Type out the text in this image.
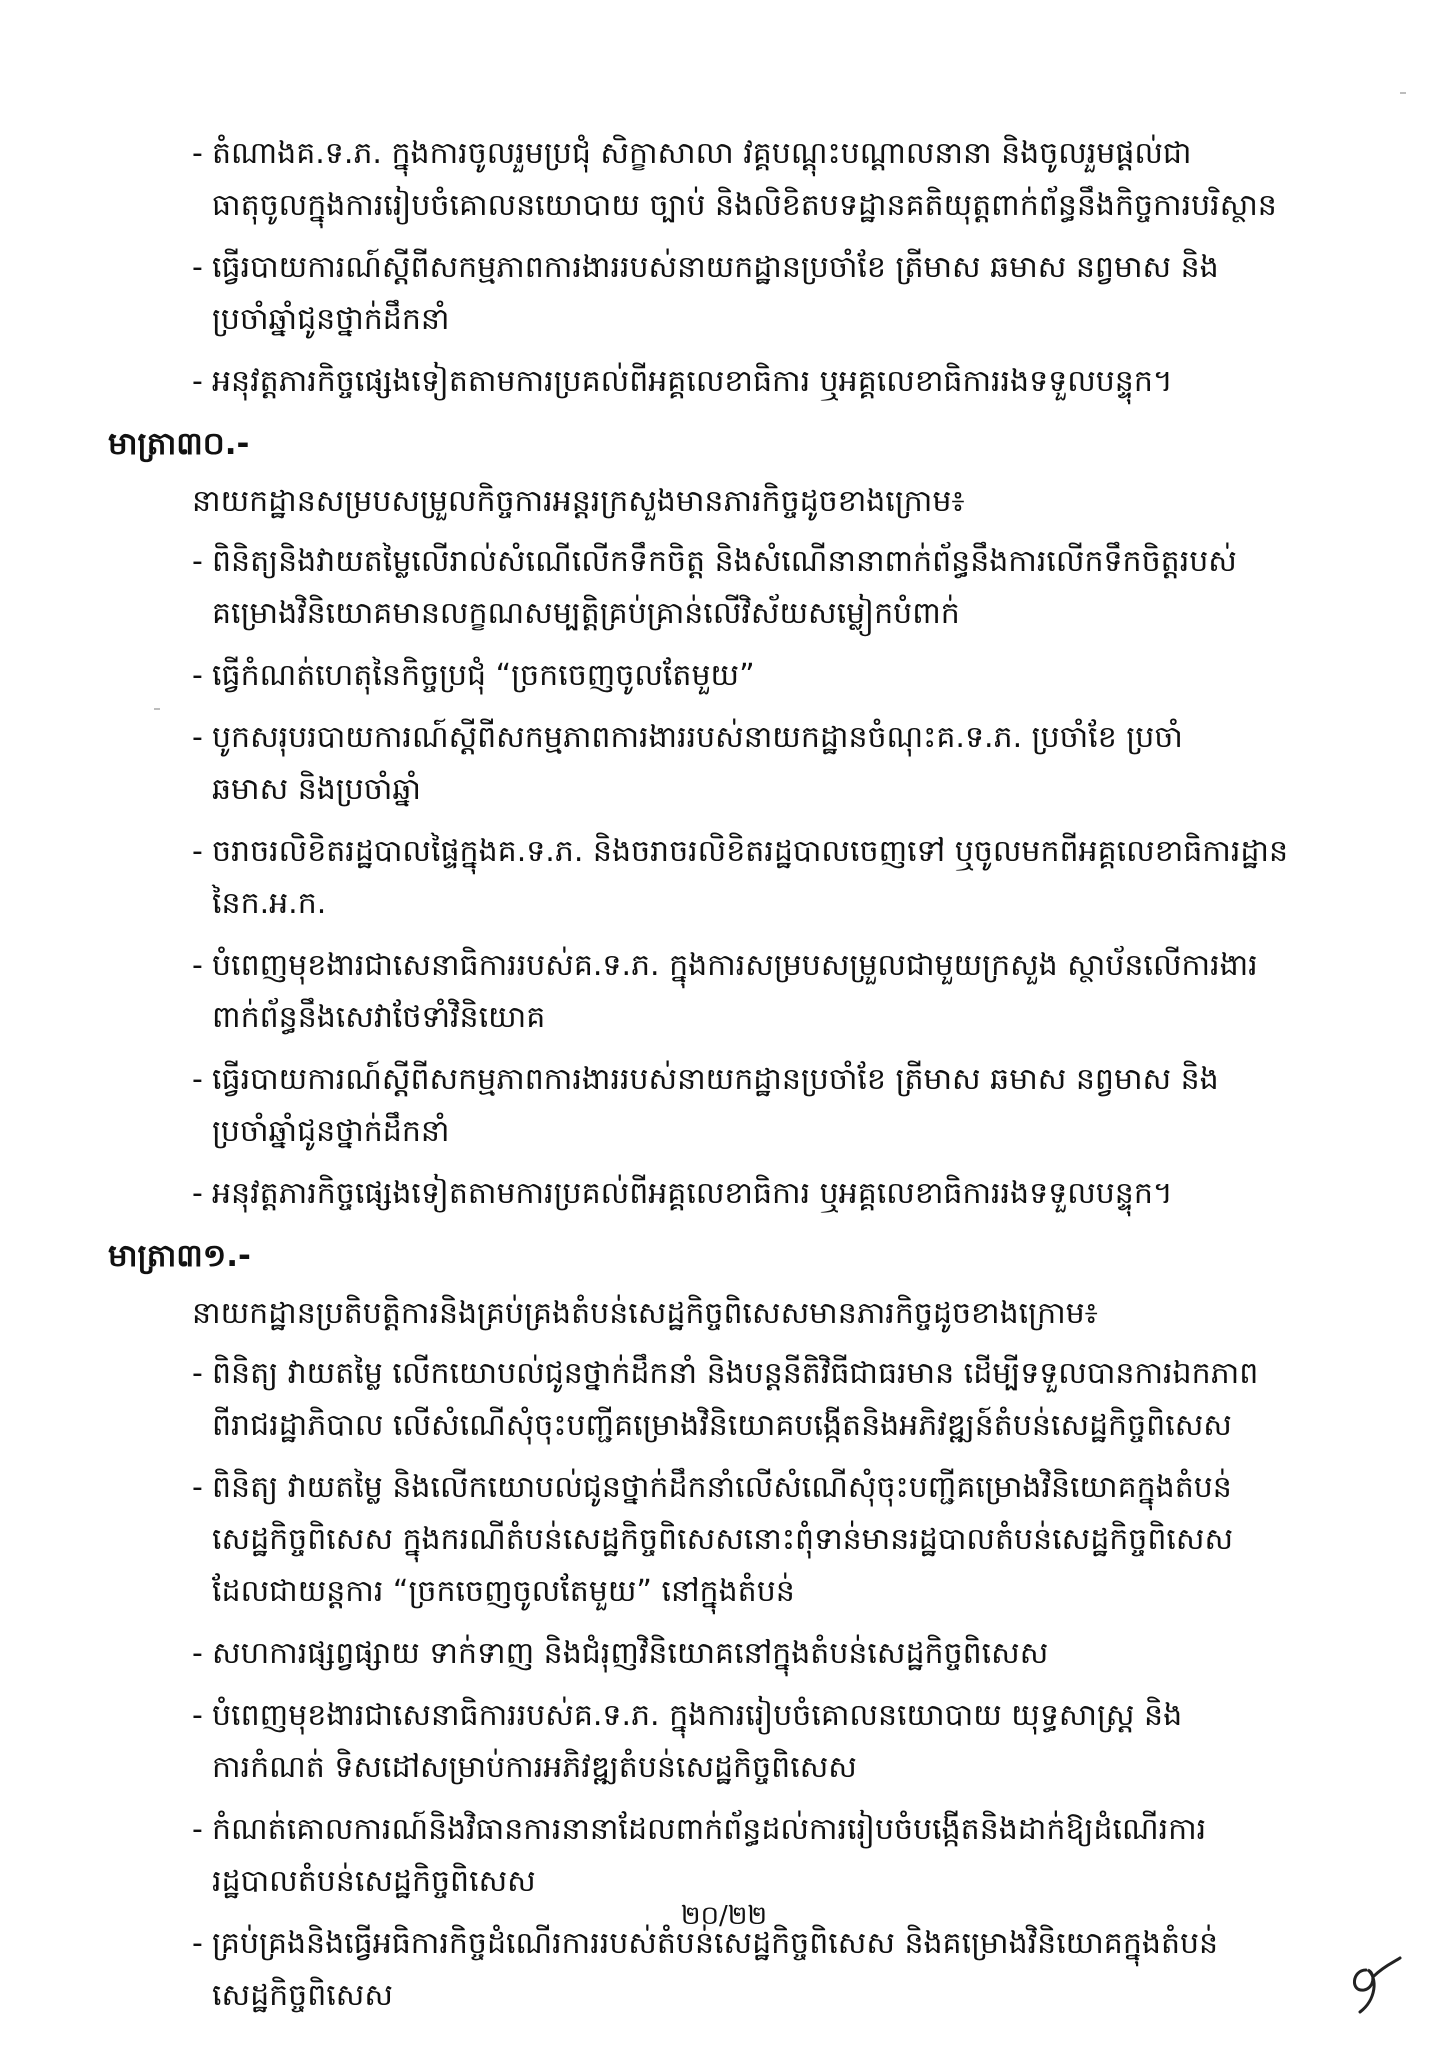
- តំណាងគ.ទ.ភ. ក្នុងការចូលរួមប្រជុំ សិក្ខាសាលា វគ្គបណ្ដុះបណ្ដាលនានា និងចូលរួមផ្ដល់ជា
ធាតុចូលក្នុងការរៀបចំគោលនយោបាយ ច្បាប់ និងលិខិតបទដ្ឋានគតិយុត្តពាក់ព័ន្ធនឹងកិច្ចការបរិស្ថាន
- ធ្វើរបាយការណ៍ស្ដីពីសកម្មភាពការងាររបស់នាយកដ្ឋានប្រចាំខែ ត្រីមាស ឆមាស នព្វមាស និង
ប្រចាំឆ្នាំជូនថ្នាក់ដឹកនាំ
- អនុវត្តភារកិច្ចផ្សេងទៀតតាមការប្រគល់ពីអគ្គលេខាធិការ ឬអគ្គលេខាធិការរងទទួលបន្ទុក។
មាត្រា៣០.-
នាយកដ្ឋានសម្របសម្រួលកិច្ចការអន្តរក្រសួងមានភារកិច្ចដូចខាងក្រោម៖
- ពិនិត្យនិងវាយតម្លៃលើរាល់សំណើលើកទឹកចិត្ត និងសំណើនានាពាក់ព័ន្ធនឹងការលើកទឹកចិត្តរបស់
គម្រោងវិនិយោគមានលក្ខណសម្បត្តិគ្រប់គ្រាន់លើវិស័យសម្លៀកបំពាក់
- ធ្វើកំណត់ហេតុនៃកិច្ចប្រជុំ “ច្រកចេញចូលតែមួយ”
- បូកសរុបរបាយការណ៍ស្ដីពីសកម្មភាពការងាររបស់នាយកដ្ឋានចំណុះគ.ទ.ភ. ប្រចាំខែ ប្រចាំ
ឆមាស និងប្រចាំឆ្នាំ
- ចរាចរលិខិតរដ្ឋបាលផ្ទៃក្នុងគ.ទ.ភ. និងចរាចរលិខិតរដ្ឋបាលចេញទៅ ឬចូលមកពីអគ្គលេខាធិការដ្ឋាន
នៃក.អ.ក.
- បំពេញមុខងារជាសេនាធិការរបស់គ.ទ.ភ. ក្នុងការសម្របសម្រួលជាមួយក្រសួង ស្ថាប័នលើការងារ
ពាក់ព័ន្ធនឹងសេវាថែទាំវិនិយោគ
- ធ្វើរបាយការណ៍ស្ដីពីសកម្មភាពការងាររបស់នាយកដ្ឋានប្រចាំខែ ត្រីមាស ឆមាស នព្វមាស និង
ប្រចាំឆ្នាំជូនថ្នាក់ដឹកនាំ
- អនុវត្តភារកិច្ចផ្សេងទៀតតាមការប្រគល់ពីអគ្គលេខាធិការ ឬអគ្គលេខាធិការរងទទួលបន្ទុក។
មាត្រា៣១.-
នាយកដ្ឋានប្រតិបត្តិការនិងគ្រប់គ្រងតំបន់សេដ្ឋកិច្ចពិសេសមានភារកិច្ចដូចខាងក្រោម៖
- ពិនិត្យ វាយតម្លៃ លើកយោបល់ជូនថ្នាក់ដឹកនាំ និងបន្តនីតិវិធីជាធរមាន ដើម្បីទទួលបានការឯកភាព
ពីរាជរដ្ឋាភិបាល លើសំណើសុំចុះបញ្ជីគម្រោងវិនិយោគបង្កើតនិងអភិវឌ្ឍន៍តំបន់សេដ្ឋកិច្ចពិសេស
- ពិនិត្យ វាយតម្លៃ និងលើកយោបល់ជូនថ្នាក់ដឹកនាំលើសំណើសុំចុះបញ្ជីគម្រោងវិនិយោគក្នុងតំបន់
សេដ្ឋកិច្ចពិសេស ក្នុងករណីតំបន់សេដ្ឋកិច្ចពិសេសនោះពុំទាន់មានរដ្ឋបាលតំបន់សេដ្ឋកិច្ចពិសេស
ដែលជាយន្តការ “ច្រកចេញចូលតែមួយ” នៅក្នុងតំបន់
- សហការផ្សព្វផ្សាយ ទាក់ទាញ និងជំរុញវិនិយោគនៅក្នុងតំបន់សេដ្ឋកិច្ចពិសេស
- បំពេញមុខងារជាសេនាធិការរបស់គ.ទ.ភ. ក្នុងការរៀបចំគោលនយោបាយ យុទ្ធសាស្ត្រ និង
ការកំណត់ ទិសដៅសម្រាប់ការអភិវឌ្ឍតំបន់សេដ្ឋកិច្ចពិសេស
- កំណត់គោលការណ៍និងវិធានការនានាដែលពាក់ព័ន្ធដល់ការរៀបចំបង្កើតនិងដាក់ឱ្យដំណើរការ
រដ្ឋបាលតំបន់សេដ្ឋកិច្ចពិសេស
- គ្រប់គ្រងនិងធ្វើអធិការកិច្ចដំណើរការរបស់តំបន់សេដ្ឋកិច្ចពិសេស និងគម្រោងវិនិយោគក្នុងតំបន់
សេដ្ឋកិច្ចពិសេស
២០/២២
